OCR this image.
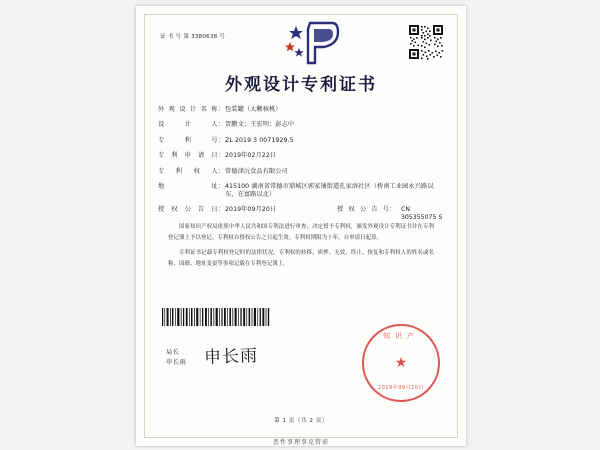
证 书 号 第 3380638 号
外观设计专利证书
外观设计名称 ： 包装罐（大颗核桃）
设 计 人 ： 贺鹏文；王宏明；彭志中
专 利 号 ： ZL 2019 3 0071929.5
专利申请日 ： 2019年02月22日
专 利 权 人 ： 常德津沅食品有限公司
地 址 ： 415100 湖南省常德市鼎城区郭家铺街道孔家溶社区（桥南工业园永兴路以东，在富路以北）
授权公告日 ： 2019年09月20日	授权公告号 ： CN 305355075 S

国家知识产权局依照中华人民共和国专利法进行审查，决定授予专利权，颁发外观设计专利证书并在专利登记簿上予以登记。专利权自授权公告之日起生效。专利权期限为十年，自申请日起算。

专利证书记载专利权登记时的法律状况。专利权的转移、质押、无效、终止、恢复和专利权人的姓名或名称、国籍、地址变更等事项记载在专利登记簿上。

局长
申长雨 申长雨
知识产
★
2019年09月20日
第 1 页（共 2 页）
恶性事理事克管前
